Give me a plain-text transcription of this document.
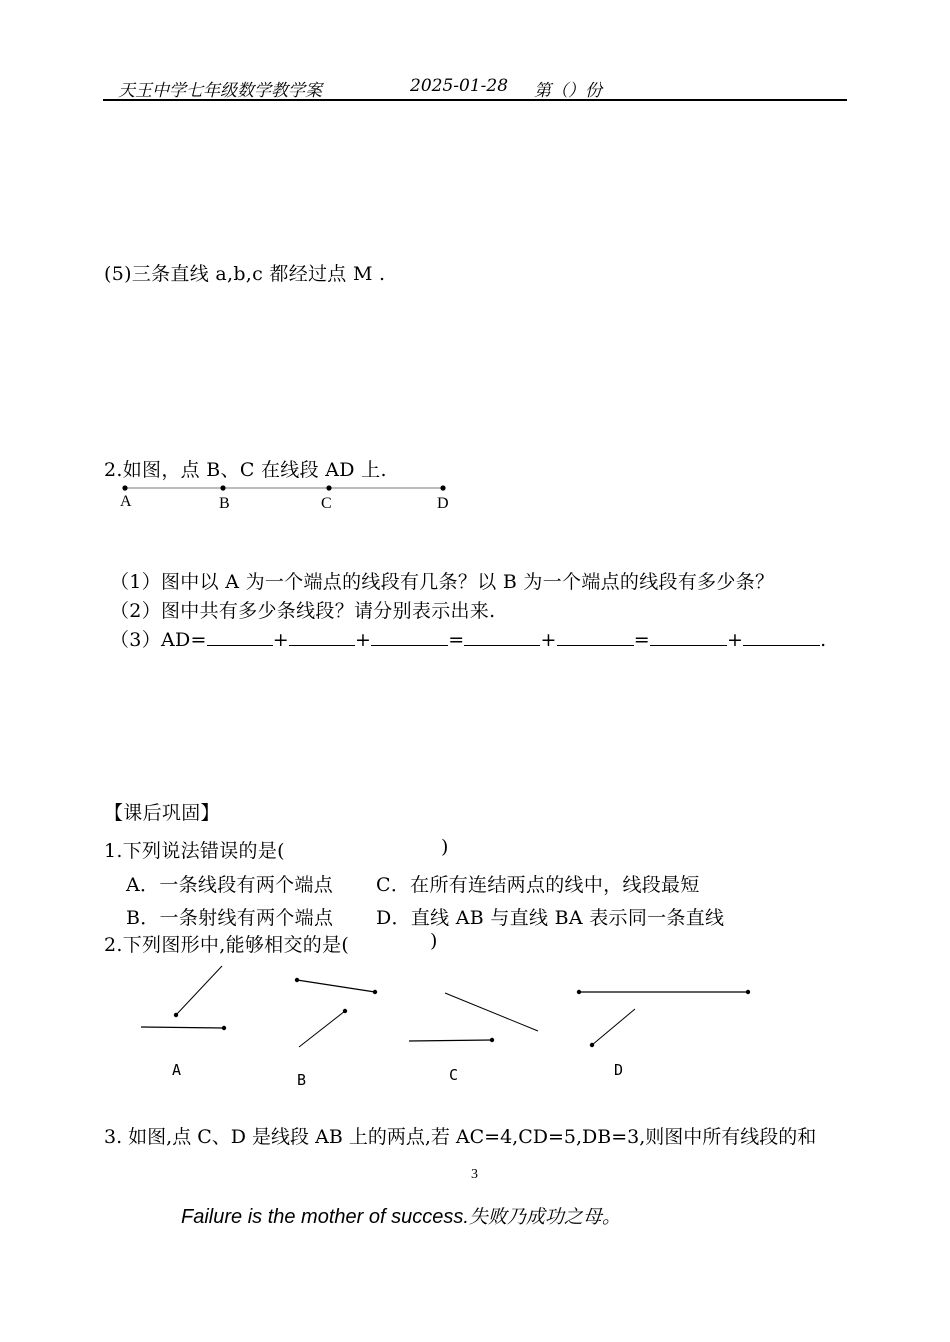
天王中学七年级数学教学案	2025-01-28 第（）份
(5)三条直线 a,b,c 都经过点 M .
2.如图，点 B、C 在线段 AD 上.
A	B	C	D
（1）图中以 A 为一个端点的线段有几条？以 B 为一个端点的线段有多少条？
（2）图中共有多少条线段？请分别表示出来.
（3）AD=	+	+	=	+	=	+	.
【课后巩固】
1.下列说法错误的是(	)
A．一条线段有两个端点 C．在所有连结两点的线中，线段最短
B．一条射线有两个端点 D．直线 AB 与直线 BA 表示同一条直线
2.下列图形中,能够相交的是(	)
A
B	C	D
3. 如图,点 C、D 是线段 AB 上的两点,若 AC=4,CD=5,DB=3,则图中所有线段的和
3
Failure is the mother of success.失败乃成功之母。
